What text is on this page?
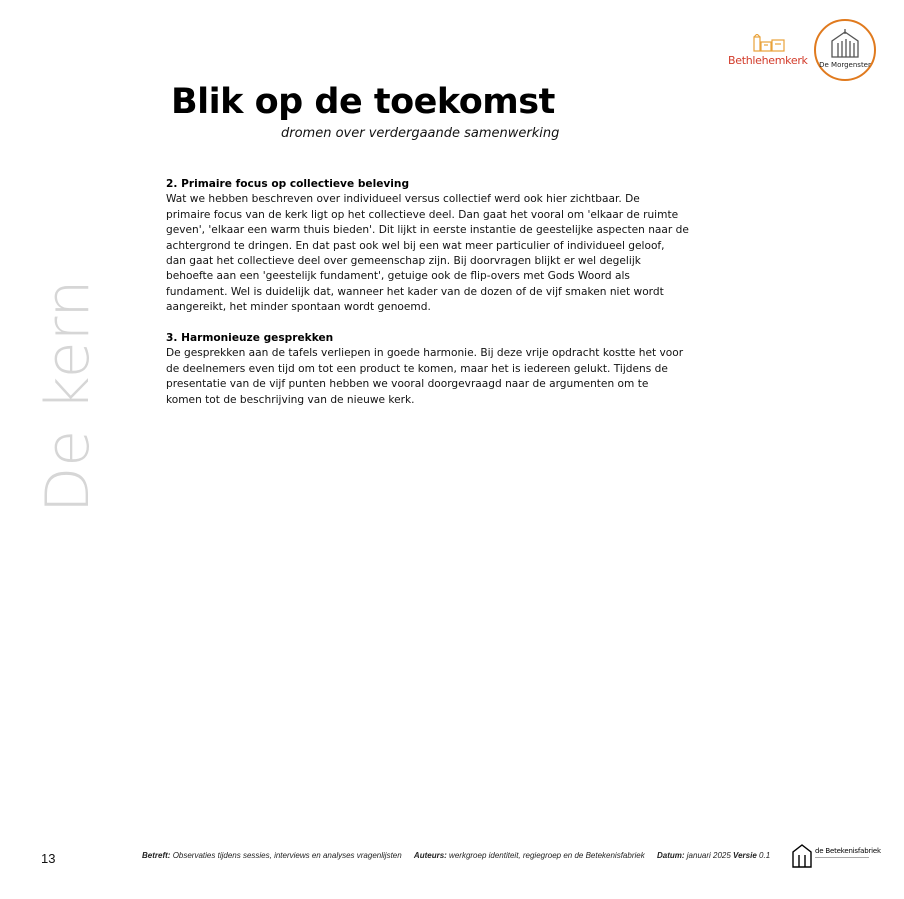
Bethlehemkerk	De Morgenster
Blik op de toekomst
dromen over verdergaande samenwerking
De kern
2. Primaire focus op collectieve beleving

Wat we hebben beschreven over individueel versus collectief werd ook hier zichtbaar. De
primaire focus van de kerk ligt op het collectieve deel. Dan gaat het vooral om 'elkaar de ruimte
geven', 'elkaar een warm thuis bieden'. Dit lijkt in eerste instantie de geestelijke aspecten naar de
achtergrond te dringen. En dat past ook wel bij een wat meer particulier of individueel geloof,
dan gaat het collectieve deel over gemeenschap zijn. Bij doorvragen blijkt er wel degelijk
behoefte aan een 'geestelijk fundament', getuige ook de flip-overs met Gods Woord als
fundament. Wel is duidelijk dat, wanneer het kader van de dozen of de vijf smaken niet wordt
aangereikt, het minder spontaan wordt genoemd.

3. Harmonieuze gesprekken

De gesprekken aan de tafels verliepen in goede harmonie. Bij deze vrije opdracht kostte het voor
de deelnemers even tijd om tot een product te komen, maar het is iedereen gelukt. Tijdens de
presentatie van de vijf punten hebben we vooral doorgevraagd naar de argumenten om te
komen tot de beschrijving van de nieuwe kerk.

13	Betreft: Observaties tijdens sessies, interviews en analyses vragenlijsten Auteurs: werkgroep identiteit, regiegroep en de Betekenisfabriek Datum: januari 2025 Versie 0.1	de Betekenisfabriek
